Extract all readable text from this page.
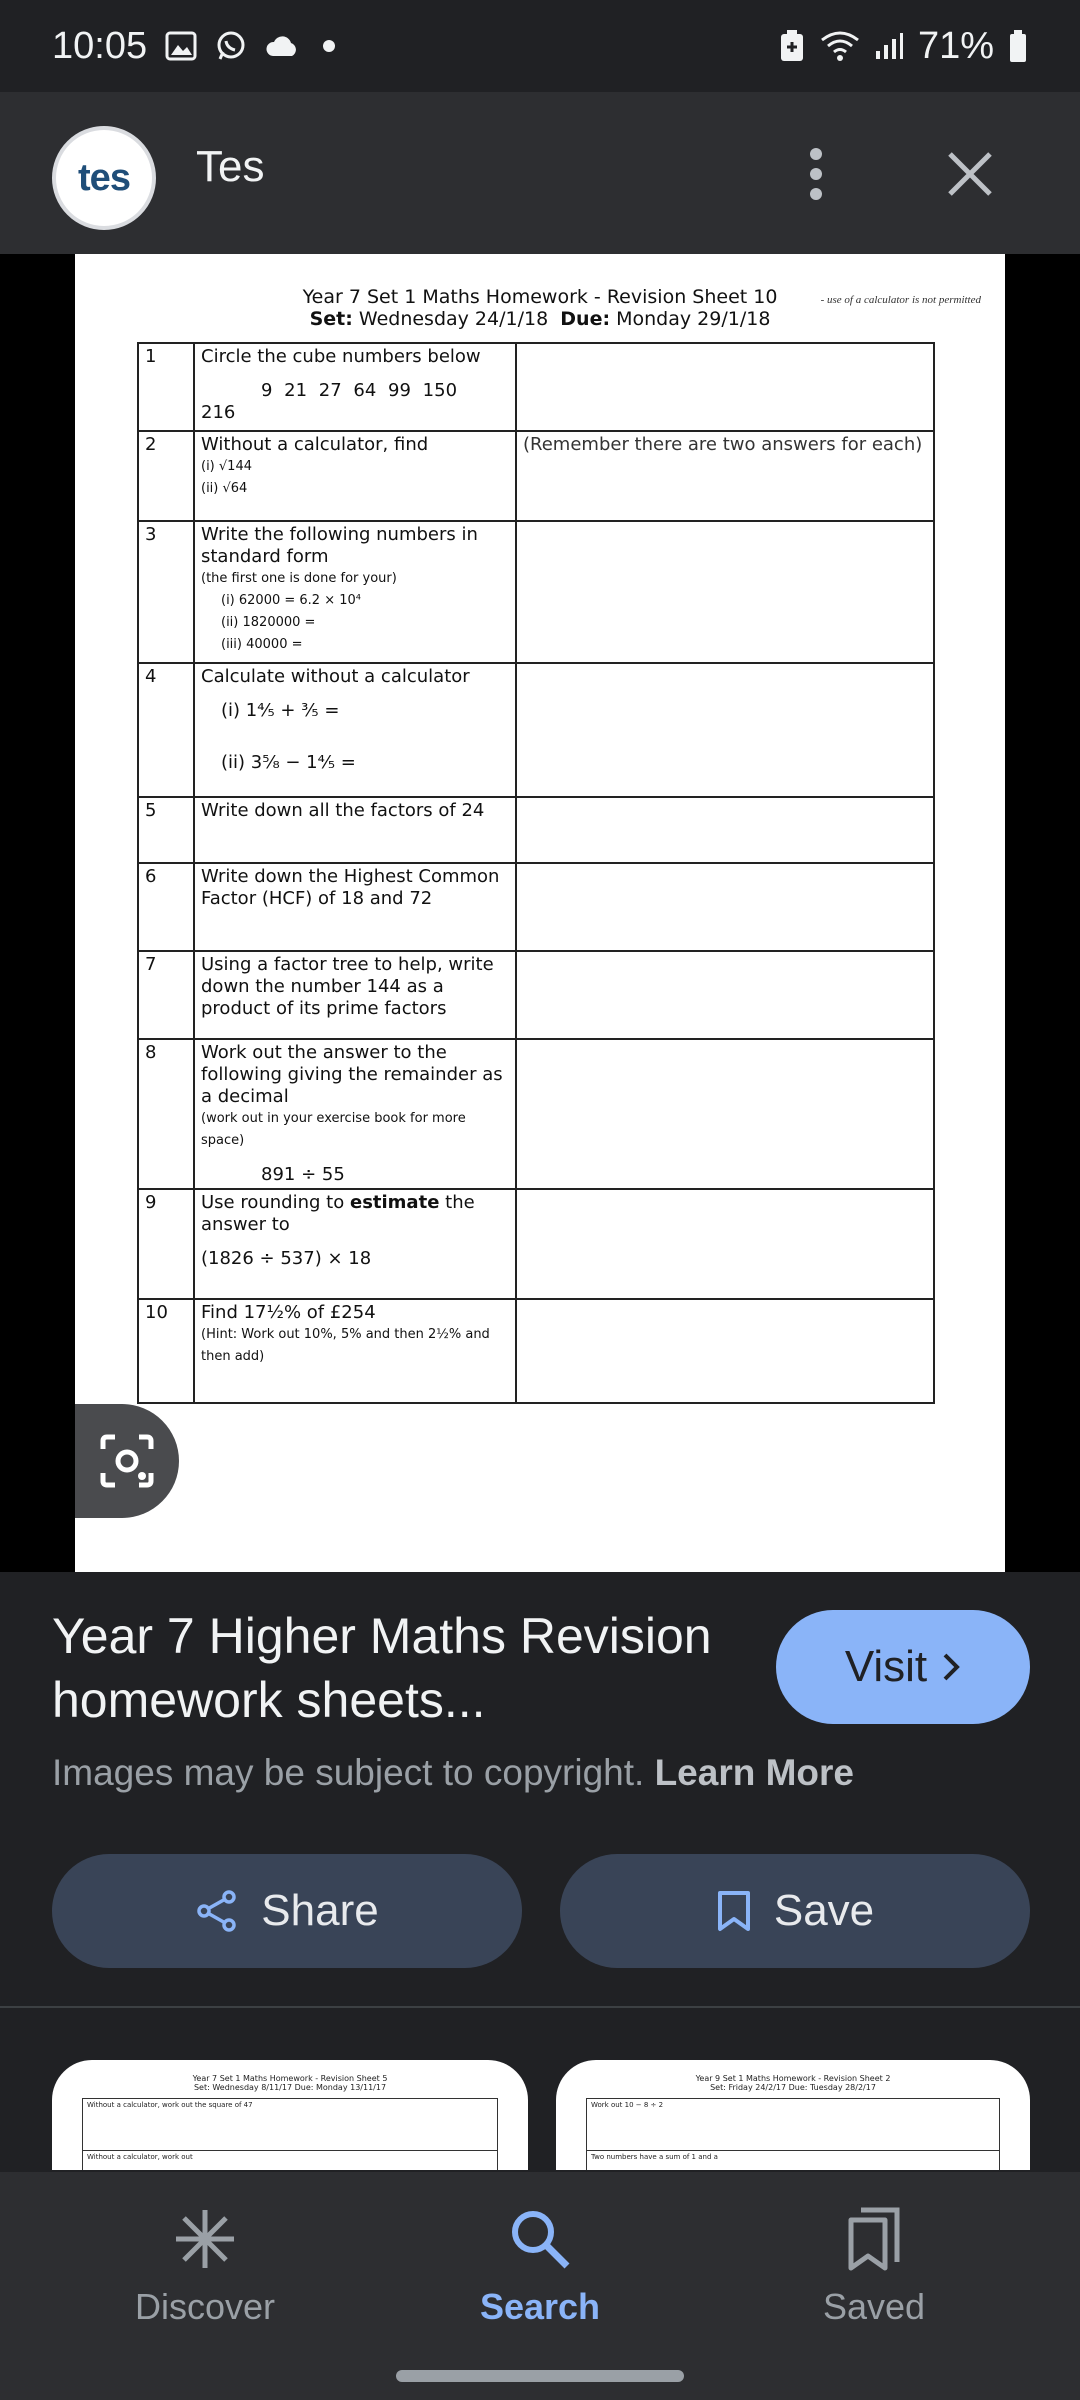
10:05	71%
tes Tes
Year 7 Set 1 Maths Homework - Revision Sheet 10
Set: Wednesday 24/1/18 Due: Monday 29/1/18
- use of a calculator is not permitted
1	Circle the cube numbers below
9 21 27 64 99 150
216	

2	Without a calculator, find
(i) √144
(ii) √64	(Remember there are two answers for each)
3	Write the following numbers in standard form
(the first one is done for your)
(i) 62000 = 6.2 × 10⁴
(ii) 1820000 =
(iii) 40000 =	

4	Calculate without a calculator
(i) 1⁴⁄₅ + ³⁄₅ =
(ii) 3⁵⁄₈ − 1⁴⁄₅ =	

5	Write down all the factors of 24	

6	Write down the Highest Common Factor (HCF) of 18 and 72	

7	Using a factor tree to help, write down the number 144 as a product of its prime factors	

8	Work out the answer to the following giving the remainder as a decimal
(work out in your exercise book for more space)
891 ÷ 55	

9	Use rounding to estimate the answer to
(1826 ÷ 537) × 18	

10	Find 17½% of £254
(Hint: Work out 10%, 5% and then 2½% and then add)	

Year 7 Higher Maths Revision homework sheets...
Visit
Images may be subject to copyright. Learn More
Share	Save
Year 7 Set 1 Maths Homework - Revision Sheet 5
Set: Wednesday 8/11/17 Due: Monday 13/11/17
Without a calculator, work out the square of 47
Without a calculator, work out
Year 9 Set 1 Maths Homework - Revision Sheet 2
Set: Friday 24/2/17 Due: Tuesday 28/2/17
Work out 10 − 8 ÷ 2
Two numbers have a sum of 1 and a
Discover	Search	Saved
